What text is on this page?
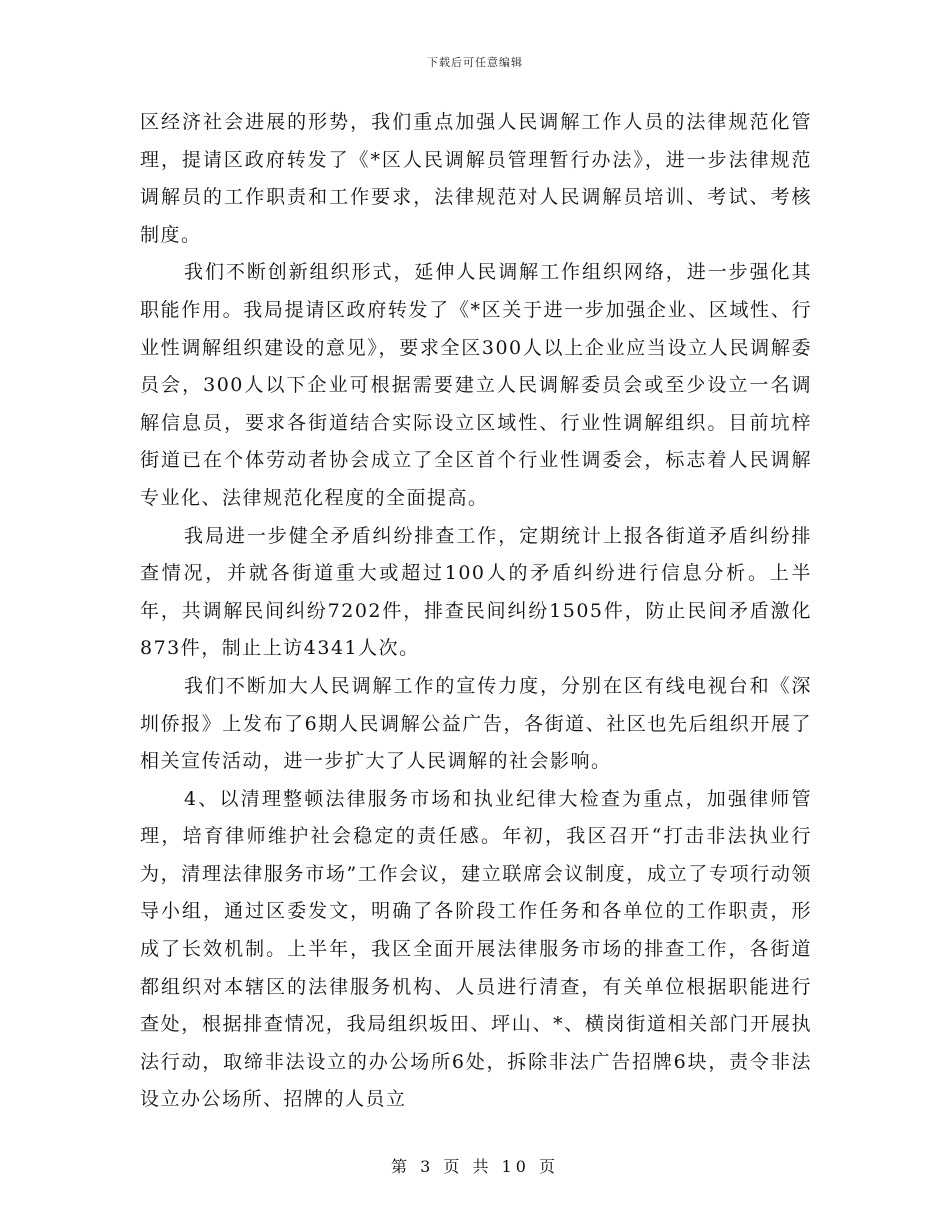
下载后可任意编辑

区经济社会进展的形势，我们重点加强人民调解工作人员的法律规范化管理，提请区政府转发了《*区人民调解员管理暂行办法》，进一步法律规范调解员的工作职责和工作要求，法律规范对人民调解员培训、考试、考核制度。

我们不断创新组织形式，延伸人民调解工作组织网络，进一步强化其职能作用。我局提请区政府转发了《*区关于进一步加强企业、区域性、行业性调解组织建设的意见》，要求全区300人以上企业应当设立人民调解委员会，300人以下企业可根据需要建立人民调解委员会或至少设立一名调解信息员，要求各街道结合实际设立区域性、行业性调解组织。目前坑梓街道已在个体劳动者协会成立了全区首个行业性调委会，标志着人民调解专业化、法律规范化程度的全面提高。

我局进一步健全矛盾纠纷排查工作，定期统计上报各街道矛盾纠纷排查情况，并就各街道重大或超过100人的矛盾纠纷进行信息分析。上半年，共调解民间纠纷7202件，排查民间纠纷1505件，防止民间矛盾激化873件，制止上访4341人次。

我们不断加大人民调解工作的宣传力度，分别在区有线电视台和《深圳侨报》上发布了6期人民调解公益广告，各街道、社区也先后组织开展了相关宣传活动，进一步扩大了人民调解的社会影响。

4、以清理整顿法律服务市场和执业纪律大检查为重点，加强律师管理，培育律师维护社会稳定的责任感。年初，我区召开“打击非法执业行为，清理法律服务市场”工作会议，建立联席会议制度，成立了专项行动领导小组，通过区委发文，明确了各阶段工作任务和各单位的工作职责，形成了长效机制。上半年，我区全面开展法律服务市场的排查工作，各街道都组织对本辖区的法律服务机构、人员进行清查，有关单位根据职能进行查处，根据排查情况，我局组织坂田、坪山、*、横岗街道相关部门开展执法行动，取缔非法设立的办公场所6处，拆除非法广告招牌6块，责令非法设立办公场所、招牌的人员立

第 3 页 共 10 页
